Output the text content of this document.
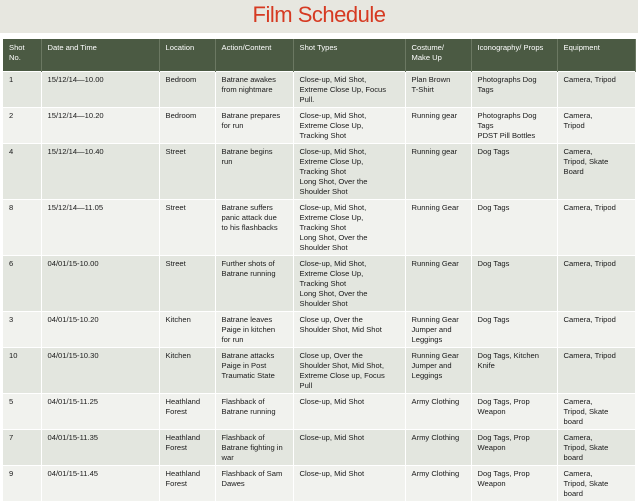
Film Schedule
Shot
No.	Date and Time	Location	Action/Content	Shot Types	Costume/
Make Up	Iconography/ Props	Equipment
1	15/12/14—10.00	Bedroom	Batrane awakes
from nightmare	Close-up, Mid Shot,
Extreme Close Up, Focus
Pull.	Plan Brown
T-Shirt	Photographs Dog
Tags	Camera, Tripod
2	15/12/14—10.20	Bedroom	Batrane prepares
for run	Close-up, Mid Shot,
Extreme Close Up,
Tracking Shot	Running gear	Photographs Dog
Tags
PDST Pill Bottles	Camera,
Tripod
4	15/12/14—10.40	Street	Batrane begins
run	Close-up, Mid Shot,
Extreme Close Up,
Tracking Shot
Long Shot, Over the
Shoulder Shot	Running gear	Dog Tags	Camera,
Tripod, Skate
Board
8	15/12/14—11.05	Street	Batrane suffers
panic attack due
to his flashbacks	Close-up, Mid Shot,
Extreme Close Up,
Tracking Shot
Long Shot, Over the
Shoulder Shot	Running Gear	Dog Tags	Camera, Tripod
6	04/01/15-10.00	Street	Further shots of
Batrane running	Close-up, Mid Shot,
Extreme Close Up,
Tracking Shot
Long Shot, Over the
Shoulder Shot	Running Gear	Dog Tags	Camera, Tripod
3	04/01/15-10.20	Kitchen	Batrane leaves
Paige in kitchen
for run	Close up, Over the
Shoulder Shot, Mid Shot	Running Gear
Jumper and
Leggings	Dog Tags	Camera, Tripod
10	04/01/15-10.30	Kitchen	Batrane attacks
Paige in Post
Traumatic State	Close up, Over the
Shoulder Shot, Mid Shot,
Extreme Close up, Focus
Pull	Running Gear
Jumper and
Leggings	Dog Tags, Kitchen
Knife	Camera, Tripod
5	04/01/15-11.25	Heathland
Forest	Flashback of
Batrane running	Close-up, Mid Shot	Army Clothing	Dog Tags, Prop
Weapon	Camera,
Tripod, Skate
board
7	04/01/15-11.35	Heathland
Forest	Flashback of
Batrane fighting in
war	Close-up, Mid Shot	Army Clothing	Dog Tags, Prop
Weapon	Camera,
Tripod, Skate
board
9	04/01/15-11.45	Heathland
Forest	Flashback of Sam
Dawes	Close-up, Mid Shot	Army Clothing	Dog Tags, Prop
Weapon	Camera,
Tripod, Skate
board
